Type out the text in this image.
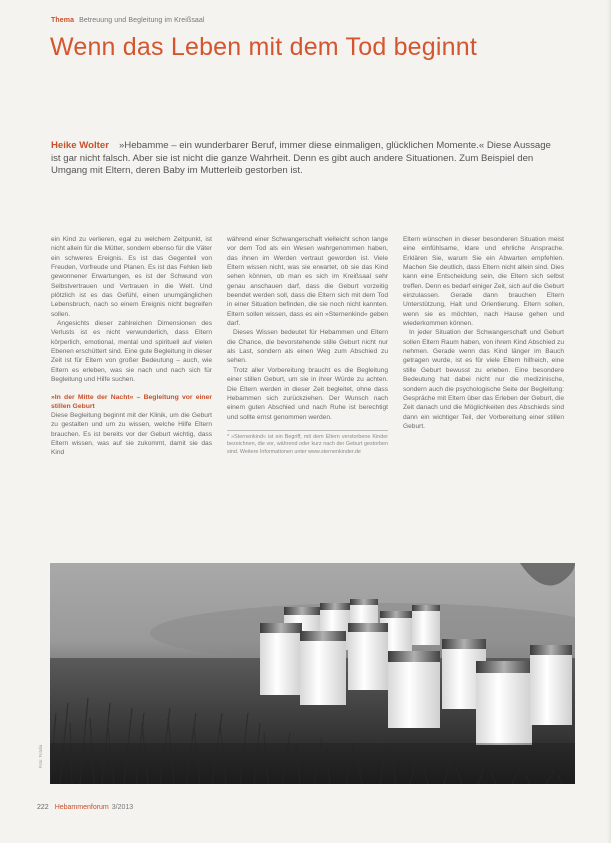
Thema Betreuung und Begleitung im Kreißsaal
Wenn das Leben mit dem Tod beginnt
Heike Wolter »Hebamme – ein wunderbarer Beruf, immer diese einmaligen, glücklichen Momente.« Diese Aussage ist gar nicht falsch. Aber sie ist nicht die ganze Wahrheit. Denn es gibt auch andere Situationen. Zum Beispiel den Umgang mit Eltern, deren Baby im Mutterleib gestorben ist.

ein Kind zu verlieren, egal zu welchem Zeitpunkt, ist nicht allein für die Mütter, sondern ebenso für die Väter ein schweres Ereignis. Es ist das Gegenteil von Freuden, Vorfreude und Planen. Es ist das Fehlen lieb gewonnener Erwartungen, es ist der Schwund von Selbstvertrauen und Vertrauen in die Welt. Und plötzlich ist es das Gefühl, einen unumgänglichen Lebensbruch, nach so einem Ereignis nicht begreifen sollen.

Angesichts dieser zahlreichen Dimensionen des Verlusts ist es nicht verwunderlich, dass Eltern körperlich, emotional, mental und spirituell auf vielen Ebenen erschüttert sind. Eine gute Begleitung in dieser Zeit ist für Eltern von großer Bedeutung – auch, wie Eltern es erleben, was sie nach und nach sich für Begleitung und Hilfe suchen.

»In der Mitte der Nacht« – Begleitung vor einer stillen Geburt

Diese Begleitung beginnt mit der Klinik, um die Geburt zu gestalten und um zu wissen, welche Hilfe Eltern brauchen. Es ist bereits vor der Geburt wichtig, dass Eltern wissen, was auf sie zukommt, damit sie das Kind

während einer Schwangerschaft vielleicht schon lange vor dem Tod als ein Wesen wahrgenommen haben, das ihnen im Werden vertraut geworden ist. Viele Eltern wissen nicht, was sie erwartet, ob sie das Kind sehen können, ob man es sich im Kreißsaal sehr genau anschauen darf, dass die Geburt vorzeitig beendet werden soll, dass die Eltern sich mit dem Tod in einer Situation befinden, die sie noch nicht kannten. Eltern sollen wissen, dass es ein »Sternenkind« geben darf.

Dieses Wissen bedeutet für Hebammen und Eltern die Chance, die bevorstehende stille Geburt nicht nur als Last, sondern als einen Weg zum Abschied zu sehen.

Trotz aller Vorbereitung braucht es die Begleitung einer stillen Geburt, um sie in ihrer Würde zu achten. Die Eltern werden in dieser Zeit begleitet, ohne dass Hebammen sich zurückziehen. Der Wunsch nach einem guten Abschied und nach Ruhe ist berechtigt und sollte ernst genommen werden.

* »Sternenkind« ist ein Begriff, mit dem Eltern verstorbene Kinder bezeichnen, die vor, während oder kurz nach der Geburt gestorben sind. Weitere Informationen unter www.sternenkinder.de

Eltern wünschen in dieser besonderen Situation meist eine einfühlsame, klare und ehrliche Ansprache. Erklären Sie, warum Sie ein Abwarten empfehlen. Machen Sie deutlich, dass Eltern nicht allein sind. Dies kann eine Entscheidung sein, die Eltern sich selbst treffen. Denn es bedarf einiger Zeit, sich auf die Geburt einzulassen. Gerade dann brauchen Eltern Unterstützung, Halt und Orientierung. Eltern sollen, wenn sie es möchten, nach Hause gehen und wiederkommen können.

In jeder Situation der Schwangerschaft und Geburt sollen Eltern Raum haben, von ihrem Kind Abschied zu nehmen. Gerade wenn das Kind länger im Bauch getragen wurde, ist es für viele Eltern hilfreich, eine stille Geburt bewusst zu erleben. Eine besondere Bedeutung hat dabei nicht nur die medizinische, sondern auch die psychologische Seite der Begleitung: Gespräche mit Eltern über das Erleben der Geburt, die Zeit danach und die Möglichkeiten des Abschieds sind dann ein wichtiger Teil, der Vorbereitung einer stillen Geburt.

Foto: Fotolia
222 Hebammenforum 3/2013
